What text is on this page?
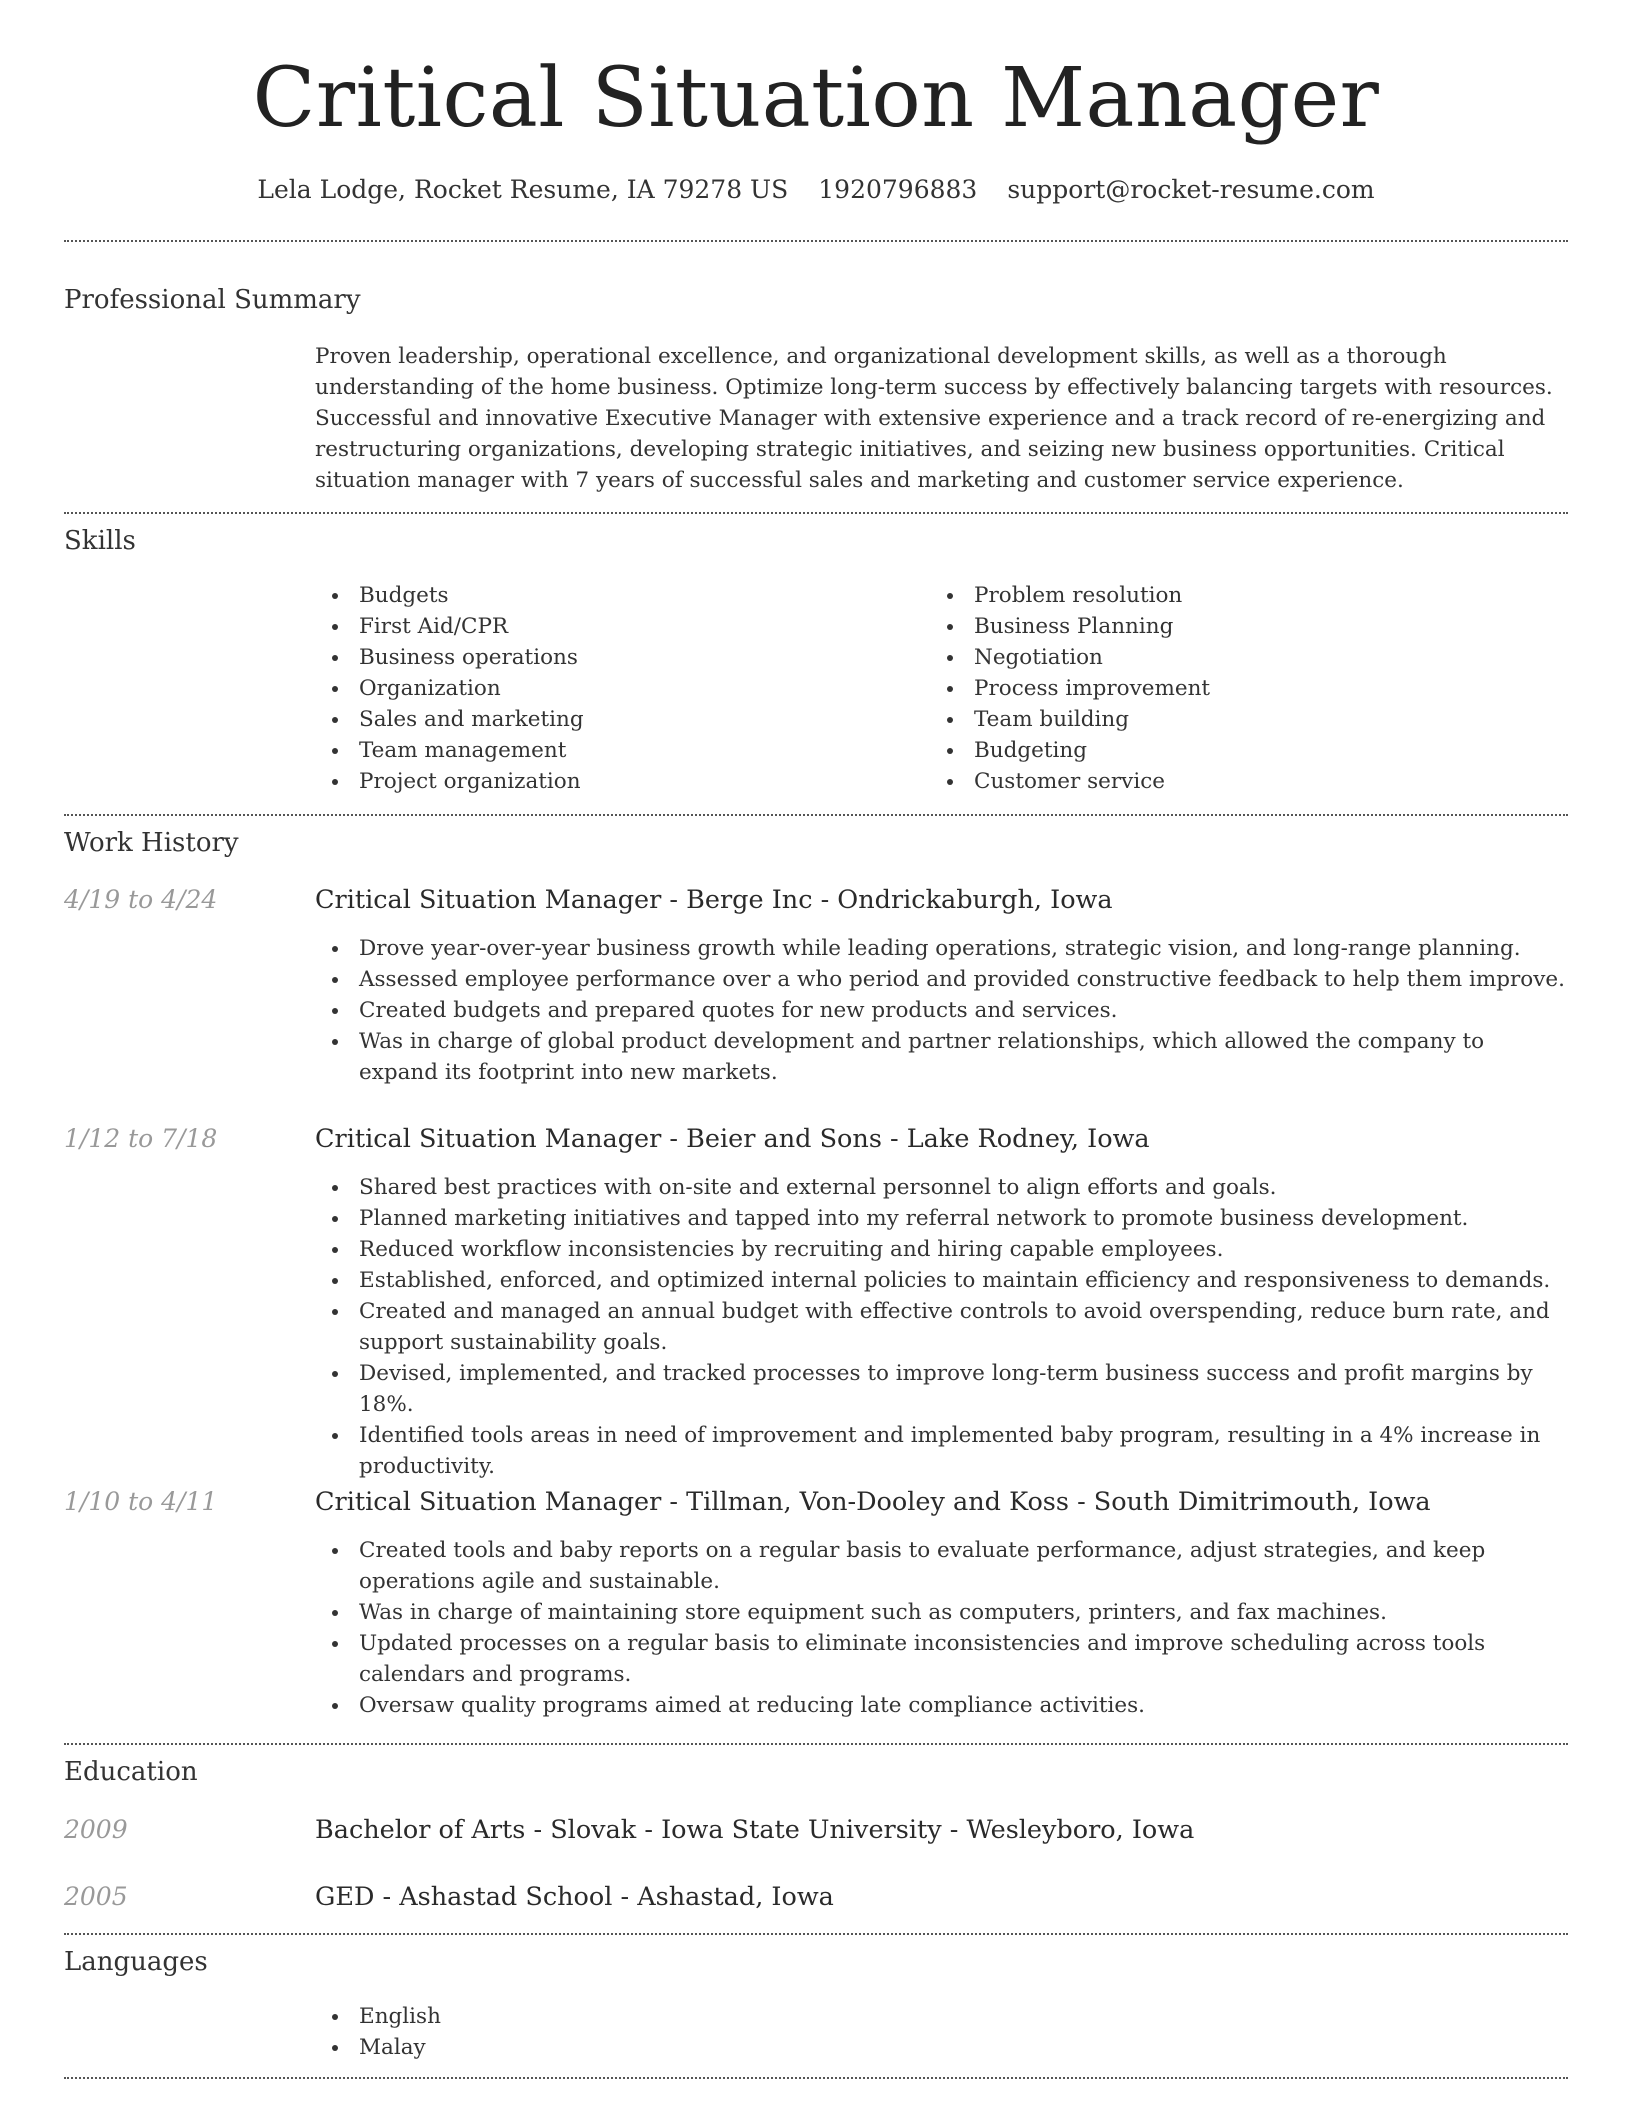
Critical Situation Manager
Lela Lodge, Rocket Resume, IA 79278 US 1920796883 support@rocket-resume.com
Professional Summary

Proven leadership, operational excellence, and organizational development skills, as well as a thorough understanding of the home business. Optimize long-term success by effectively balancing targets with resources. Successful and innovative Executive Manager with extensive experience and a track record of re-energizing and restructuring organizations, developing strategic initiatives, and seizing new business opportunities. Critical situation manager with 7 years of successful sales and marketing and customer service experience.

Skills
Budgets
First Aid/CPR
Business operations
Organization
Sales and marketing
Team management
Project organization
Problem resolution
Business Planning
Negotiation
Process improvement
Team building
Budgeting
Customer service
Work History
4/19 to 4/24	Critical Situation Manager - Berge Inc - Ondrickaburgh, Iowa
Drove year-over-year business growth while leading operations, strategic vision, and long-range planning.
Assessed employee performance over a who period and provided constructive feedback to help them improve.
Created budgets and prepared quotes for new products and services.
Was in charge of global product development and partner relationships, which allowed the company to expand its footprint into new markets.
1/12 to 7/18	Critical Situation Manager - Beier and Sons - Lake Rodney, Iowa
Shared best practices with on-site and external personnel to align efforts and goals.
Planned marketing initiatives and tapped into my referral network to promote business development.
Reduced workflow inconsistencies by recruiting and hiring capable employees.
Established, enforced, and optimized internal policies to maintain efficiency and responsiveness to demands.
Created and managed an annual budget with effective controls to avoid overspending, reduce burn rate, and support sustainability goals.
Devised, implemented, and tracked processes to improve long-term business success and profit margins by 18%.
Identified tools areas in need of improvement and implemented baby program, resulting in a 4% increase in productivity.
1/10 to 4/11	Critical Situation Manager - Tillman, Von-Dooley and Koss - South Dimitrimouth, Iowa
Created tools and baby reports on a regular basis to evaluate performance, adjust strategies, and keep operations agile and sustainable.
Was in charge of maintaining store equipment such as computers, printers, and fax machines.
Updated processes on a regular basis to eliminate inconsistencies and improve scheduling across tools calendars and programs.
Oversaw quality programs aimed at reducing late compliance activities.
Education
2009	Bachelor of Arts - Slovak - Iowa State University - Wesleyboro, Iowa
2005	GED - Ashastad School - Ashastad, Iowa
Languages
English
Malay
